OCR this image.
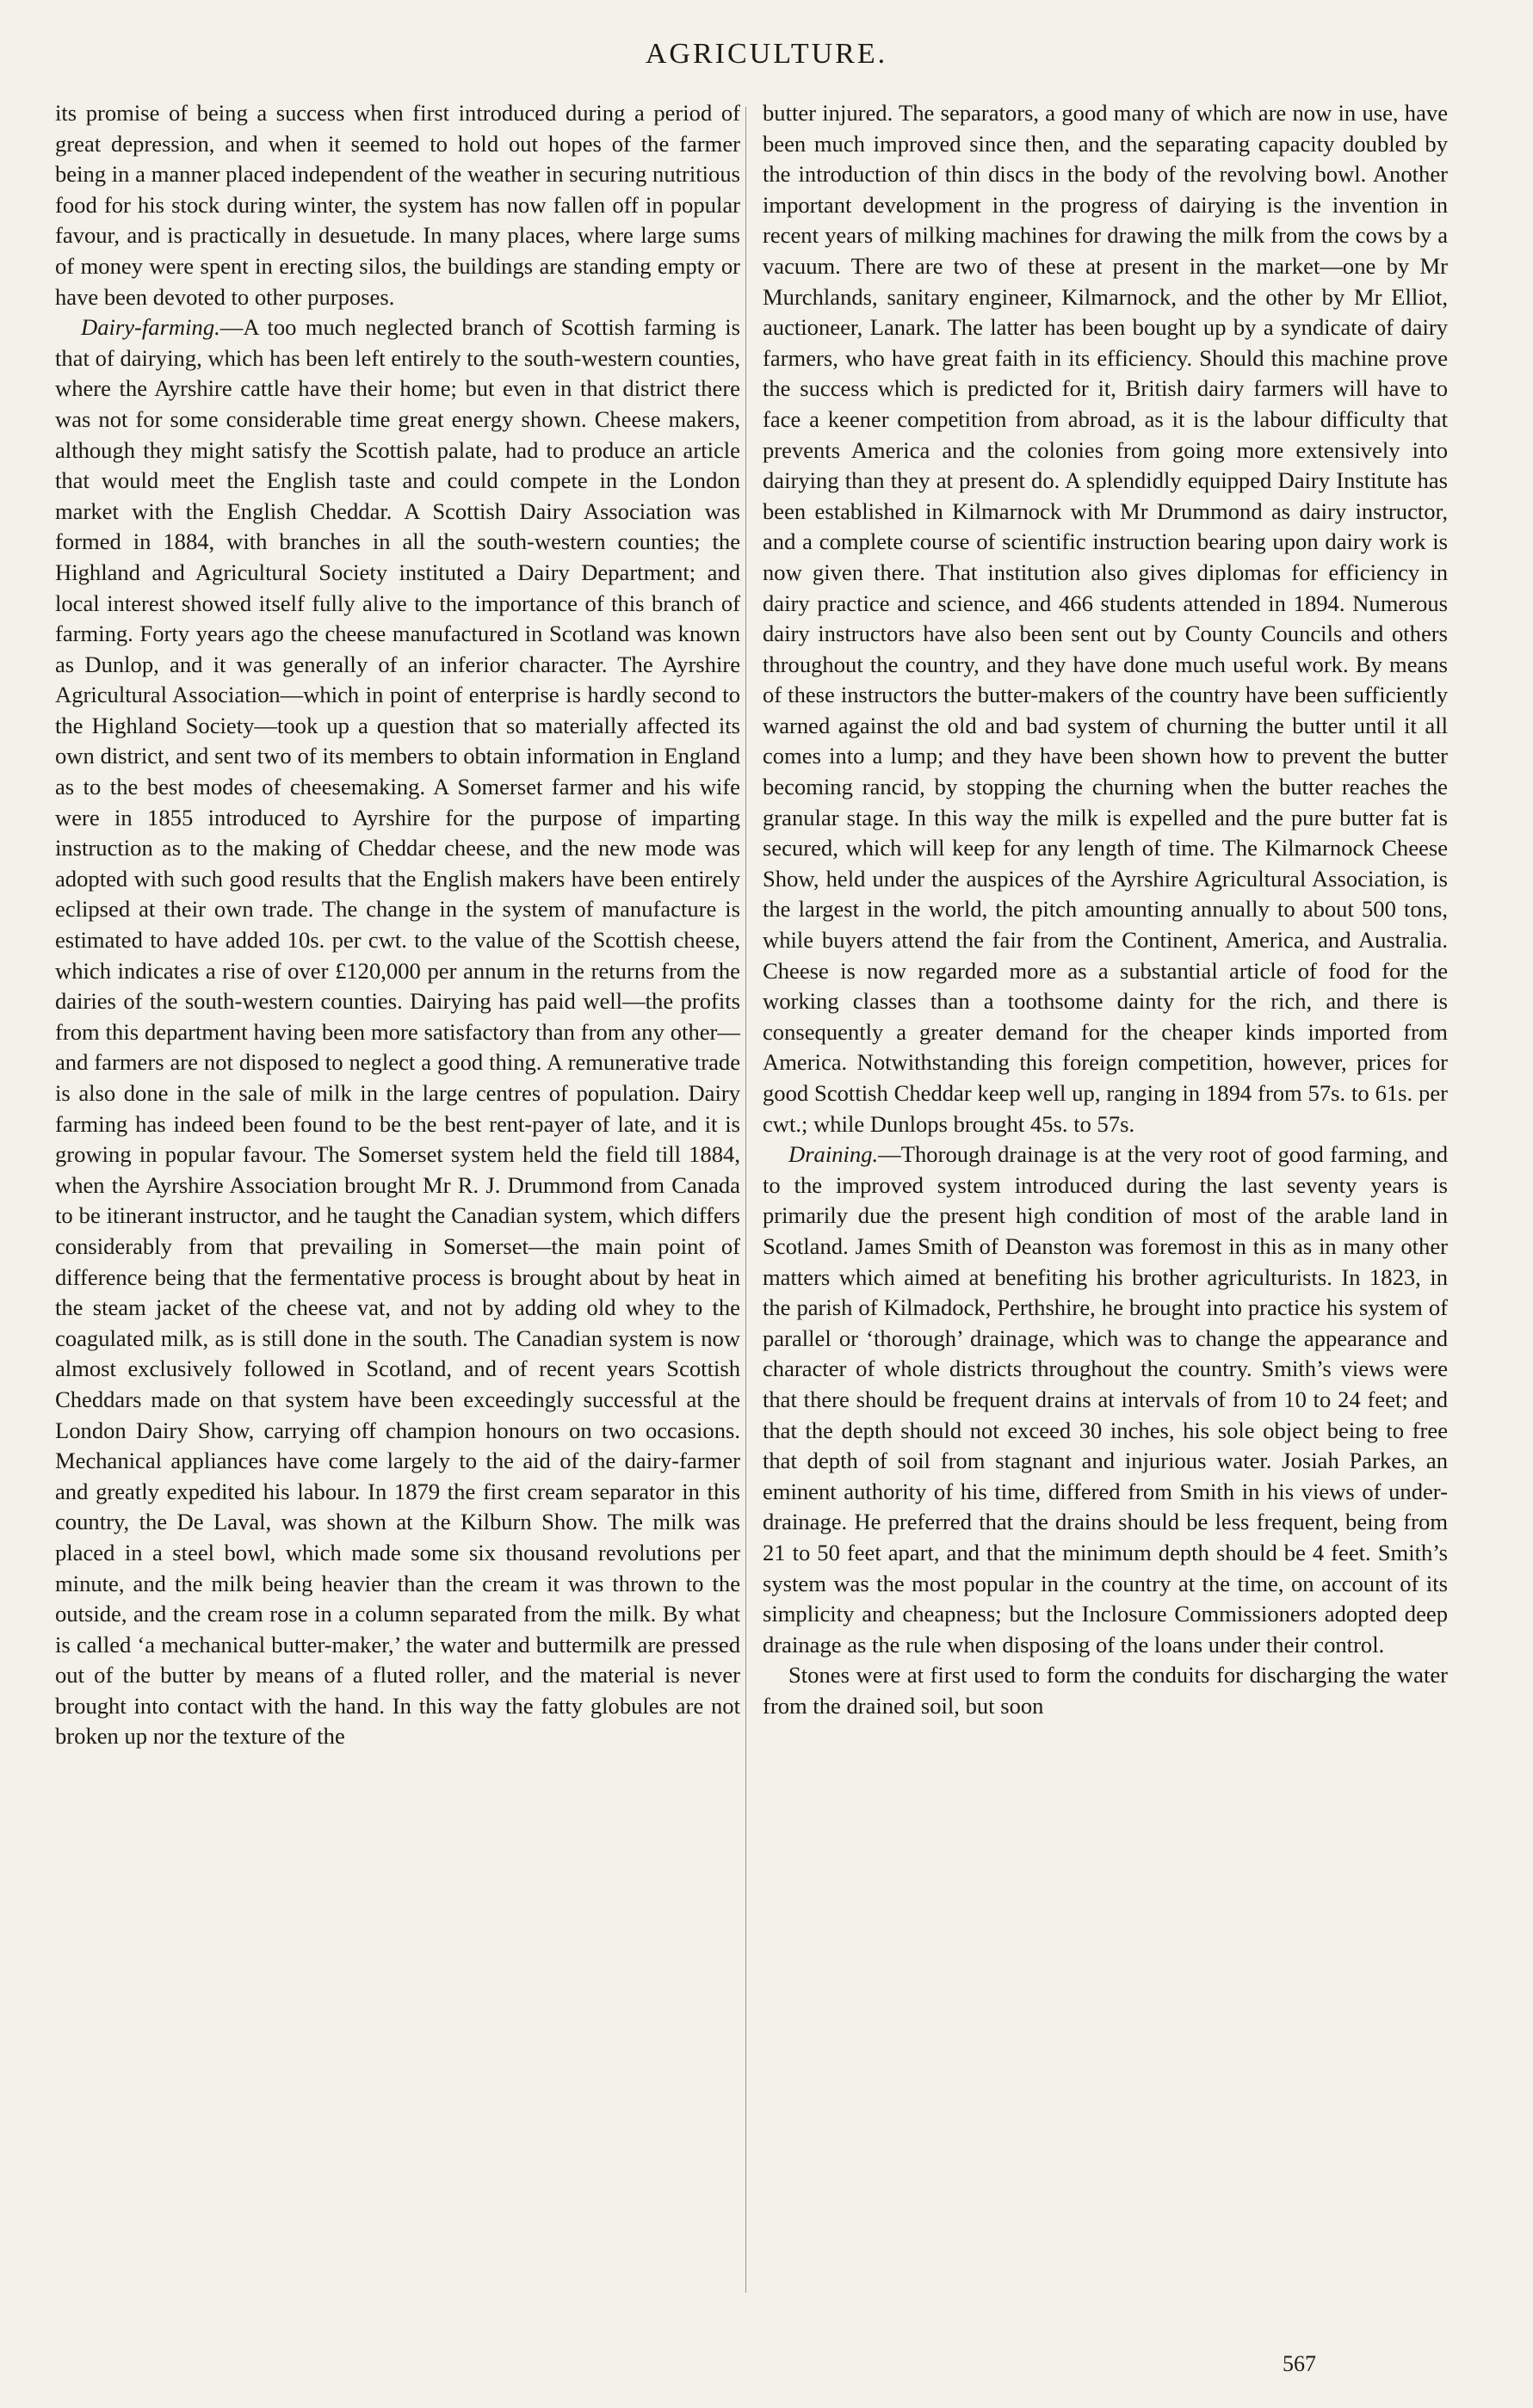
AGRICULTURE.

its promise of being a success when first introduced during a period of great depression, and when it seemed to hold out hopes of the farmer being in a manner placed independent of the weather in securing nutritious food for his stock during winter, the system has now fallen off in popular favour, and is practically in desuetude. In many places, where large sums of money were spent in erecting silos, the buildings are standing empty or have been devoted to other purposes.

Dairy-farming.—A too much neglected branch of Scottish farming is that of dairying, which has been left entirely to the south-western counties, where the Ayrshire cattle have their home; but even in that district there was not for some considerable time great energy shown. Cheese makers, although they might satisfy the Scottish palate, had to produce an article that would meet the English taste and could compete in the London market with the English Cheddar. A Scottish Dairy Association was formed in 1884, with branches in all the south-western counties; the Highland and Agricultural Society instituted a Dairy Department; and local interest showed itself fully alive to the importance of this branch of farming. Forty years ago the cheese manufactured in Scotland was known as Dunlop, and it was generally of an inferior character. The Ayrshire Agricultural Association—which in point of enterprise is hardly second to the Highland Society—took up a question that so materially affected its own district, and sent two of its members to obtain information in England as to the best modes of cheesemaking. A Somerset farmer and his wife were in 1855 introduced to Ayrshire for the purpose of imparting instruction as to the making of Cheddar cheese, and the new mode was adopted with such good results that the English makers have been entirely eclipsed at their own trade. The change in the system of manufacture is estimated to have added 10s. per cwt. to the value of the Scottish cheese, which indicates a rise of over £120,000 per annum in the returns from the dairies of the south-western counties. Dairying has paid well—the profits from this department having been more satisfactory than from any other—and farmers are not disposed to neglect a good thing. A remunerative trade is also done in the sale of milk in the large centres of population. Dairy farming has indeed been found to be the best rent-payer of late, and it is growing in popular favour. The Somerset system held the field till 1884, when the Ayrshire Association brought Mr R. J. Drummond from Canada to be itinerant instructor, and he taught the Canadian system, which differs considerably from that prevailing in Somerset—the main point of difference being that the fermentative process is brought about by heat in the steam jacket of the cheese vat, and not by adding old whey to the coagulated milk, as is still done in the south. The Canadian system is now almost exclusively followed in Scotland, and of recent years Scottish Cheddars made on that system have been exceedingly successful at the London Dairy Show, carrying off champion honours on two occasions. Mechanical appliances have come largely to the aid of the dairy-farmer and greatly expedited his labour. In 1879 the first cream separator in this country, the De Laval, was shown at the Kilburn Show. The milk was placed in a steel bowl, which made some six thousand revolutions per minute, and the milk being heavier than the cream it was thrown to the outside, and the cream rose in a column separated from the milk. By what is called ‘a mechanical butter-maker,’ the water and buttermilk are pressed out of the butter by means of a fluted roller, and the material is never brought into contact with the hand. In this way the fatty globules are not broken up nor the texture of the

butter injured. The separators, a good many of which are now in use, have been much improved since then, and the separating capacity doubled by the introduction of thin discs in the body of the revolving bowl. Another important development in the progress of dairying is the invention in recent years of milking machines for drawing the milk from the cows by a vacuum. There are two of these at present in the market—one by Mr Murchlands, sanitary engineer, Kilmarnock, and the other by Mr Elliot, auctioneer, Lanark. The latter has been bought up by a syndicate of dairy farmers, who have great faith in its efficiency. Should this machine prove the success which is predicted for it, British dairy farmers will have to face a keener competition from abroad, as it is the labour difficulty that prevents America and the colonies from going more extensively into dairying than they at present do. A splendidly equipped Dairy Institute has been established in Kilmarnock with Mr Drummond as dairy instructor, and a complete course of scientific instruction bearing upon dairy work is now given there. That institution also gives diplomas for efficiency in dairy practice and science, and 466 students attended in 1894. Numerous dairy instructors have also been sent out by County Councils and others throughout the country, and they have done much useful work. By means of these instructors the butter-makers of the country have been sufficiently warned against the old and bad system of churning the butter until it all comes into a lump; and they have been shown how to prevent the butter becoming rancid, by stopping the churning when the butter reaches the granular stage. In this way the milk is expelled and the pure butter fat is secured, which will keep for any length of time. The Kilmarnock Cheese Show, held under the auspices of the Ayrshire Agricultural Association, is the largest in the world, the pitch amounting annually to about 500 tons, while buyers attend the fair from the Continent, America, and Australia. Cheese is now regarded more as a substantial article of food for the working classes than a toothsome dainty for the rich, and there is consequently a greater demand for the cheaper kinds imported from America. Notwithstanding this foreign competition, however, prices for good Scottish Cheddar keep well up, ranging in 1894 from 57s. to 61s. per cwt.; while Dunlops brought 45s. to 57s.

Draining.—Thorough drainage is at the very root of good farming, and to the improved system introduced during the last seventy years is primarily due the present high condition of most of the arable land in Scotland. James Smith of Deanston was foremost in this as in many other matters which aimed at benefiting his brother agriculturists. In 1823, in the parish of Kilmadock, Perthshire, he brought into practice his system of parallel or ‘thorough’ drainage, which was to change the appearance and character of whole districts throughout the country. Smith’s views were that there should be frequent drains at intervals of from 10 to 24 feet; and that the depth should not exceed 30 inches, his sole object being to free that depth of soil from stagnant and injurious water. Josiah Parkes, an eminent authority of his time, differed from Smith in his views of under-drainage. He preferred that the drains should be less frequent, being from 21 to 50 feet apart, and that the minimum depth should be 4 feet. Smith’s system was the most popular in the country at the time, on account of its simplicity and cheapness; but the Inclosure Commissioners adopted deep drainage as the rule when disposing of the loans under their control.

Stones were at first used to form the conduits for discharging the water from the drained soil, but soon

567
